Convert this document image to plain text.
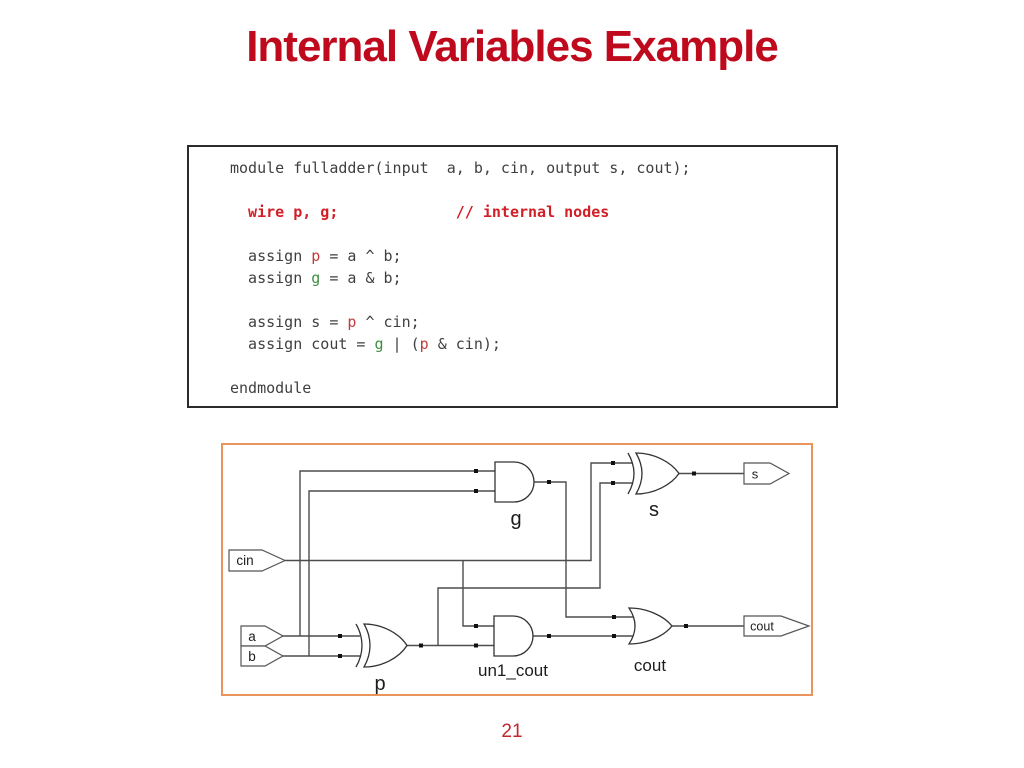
Internal Variables Example
module fulladder(input  a, b, cin, output s, cout);
wire p, g;	// internal nodes
assign p = a ^ b;
assign g = a & b;
assign s = p ^ cin;
assign cout = g | (p & cin);
endmodule
cin
a
b
s
cout
g	s
p
un1_cout	cout
21
